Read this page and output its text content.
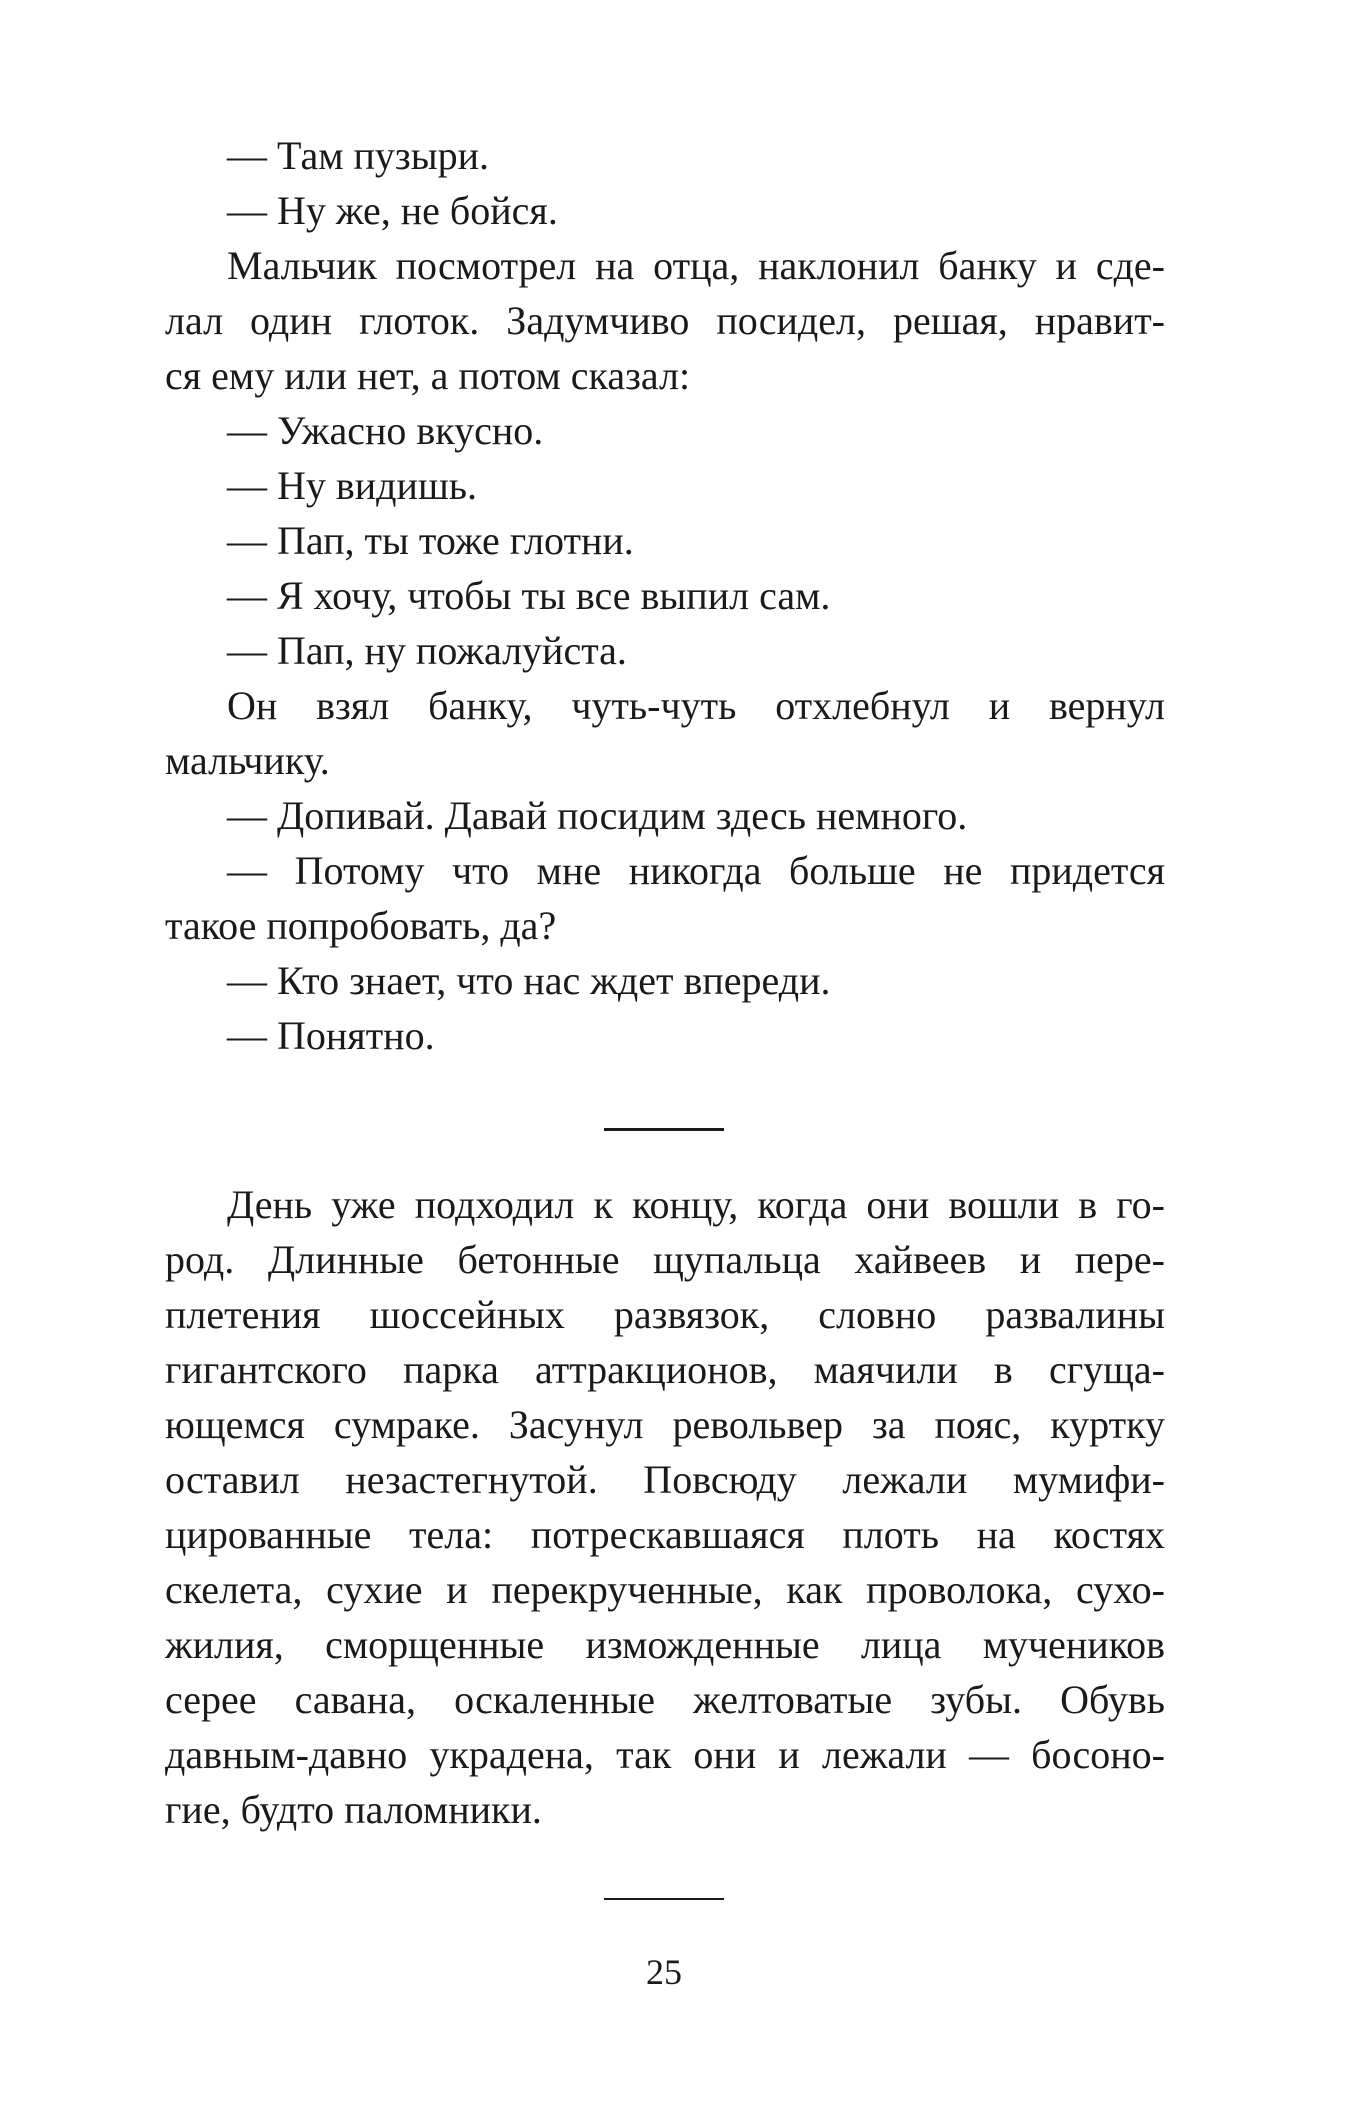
— Там пузыри.
— Ну же, не бойся.
Мальчик посмотрел на отца, наклонил банку и сде-
лал один глоток. Задумчиво посидел, решая, нравит-
ся ему или нет, а потом сказал:
— Ужасно вкусно.
— Ну видишь.
— Пап, ты тоже глотни.
— Я хочу, чтобы ты все выпил сам.
— Пап, ну пожалуйста.
Он взял банку, чуть-чуть отхлебнул и вернул
мальчику.
— Допивай. Давай посидим здесь немного.
— Потому что мне никогда больше не придется
такое попробовать, да?
— Кто знает, что нас ждет впереди.
— Понятно.
День уже подходил к концу, когда они вошли в го-
род. Длинные бетонные щупальца хайвеев и пере-
плетения шоссейных развязок, словно развалины
гигантского парка аттракционов, маячили в сгуща-
ющемся сумраке. Засунул револьвер за пояс, куртку
оставил незастегнутой. Повсюду лежали мумифи-
цированные тела: потрескавшаяся плоть на костях
скелета, сухие и перекрученные, как проволока, сухо-
жилия, сморщенные изможденные лица мучеников
серее савана, оскаленные желтоватые зубы. Обувь
давным-давно украдена, так они и лежали — босоно-
гие, будто паломники.
25
